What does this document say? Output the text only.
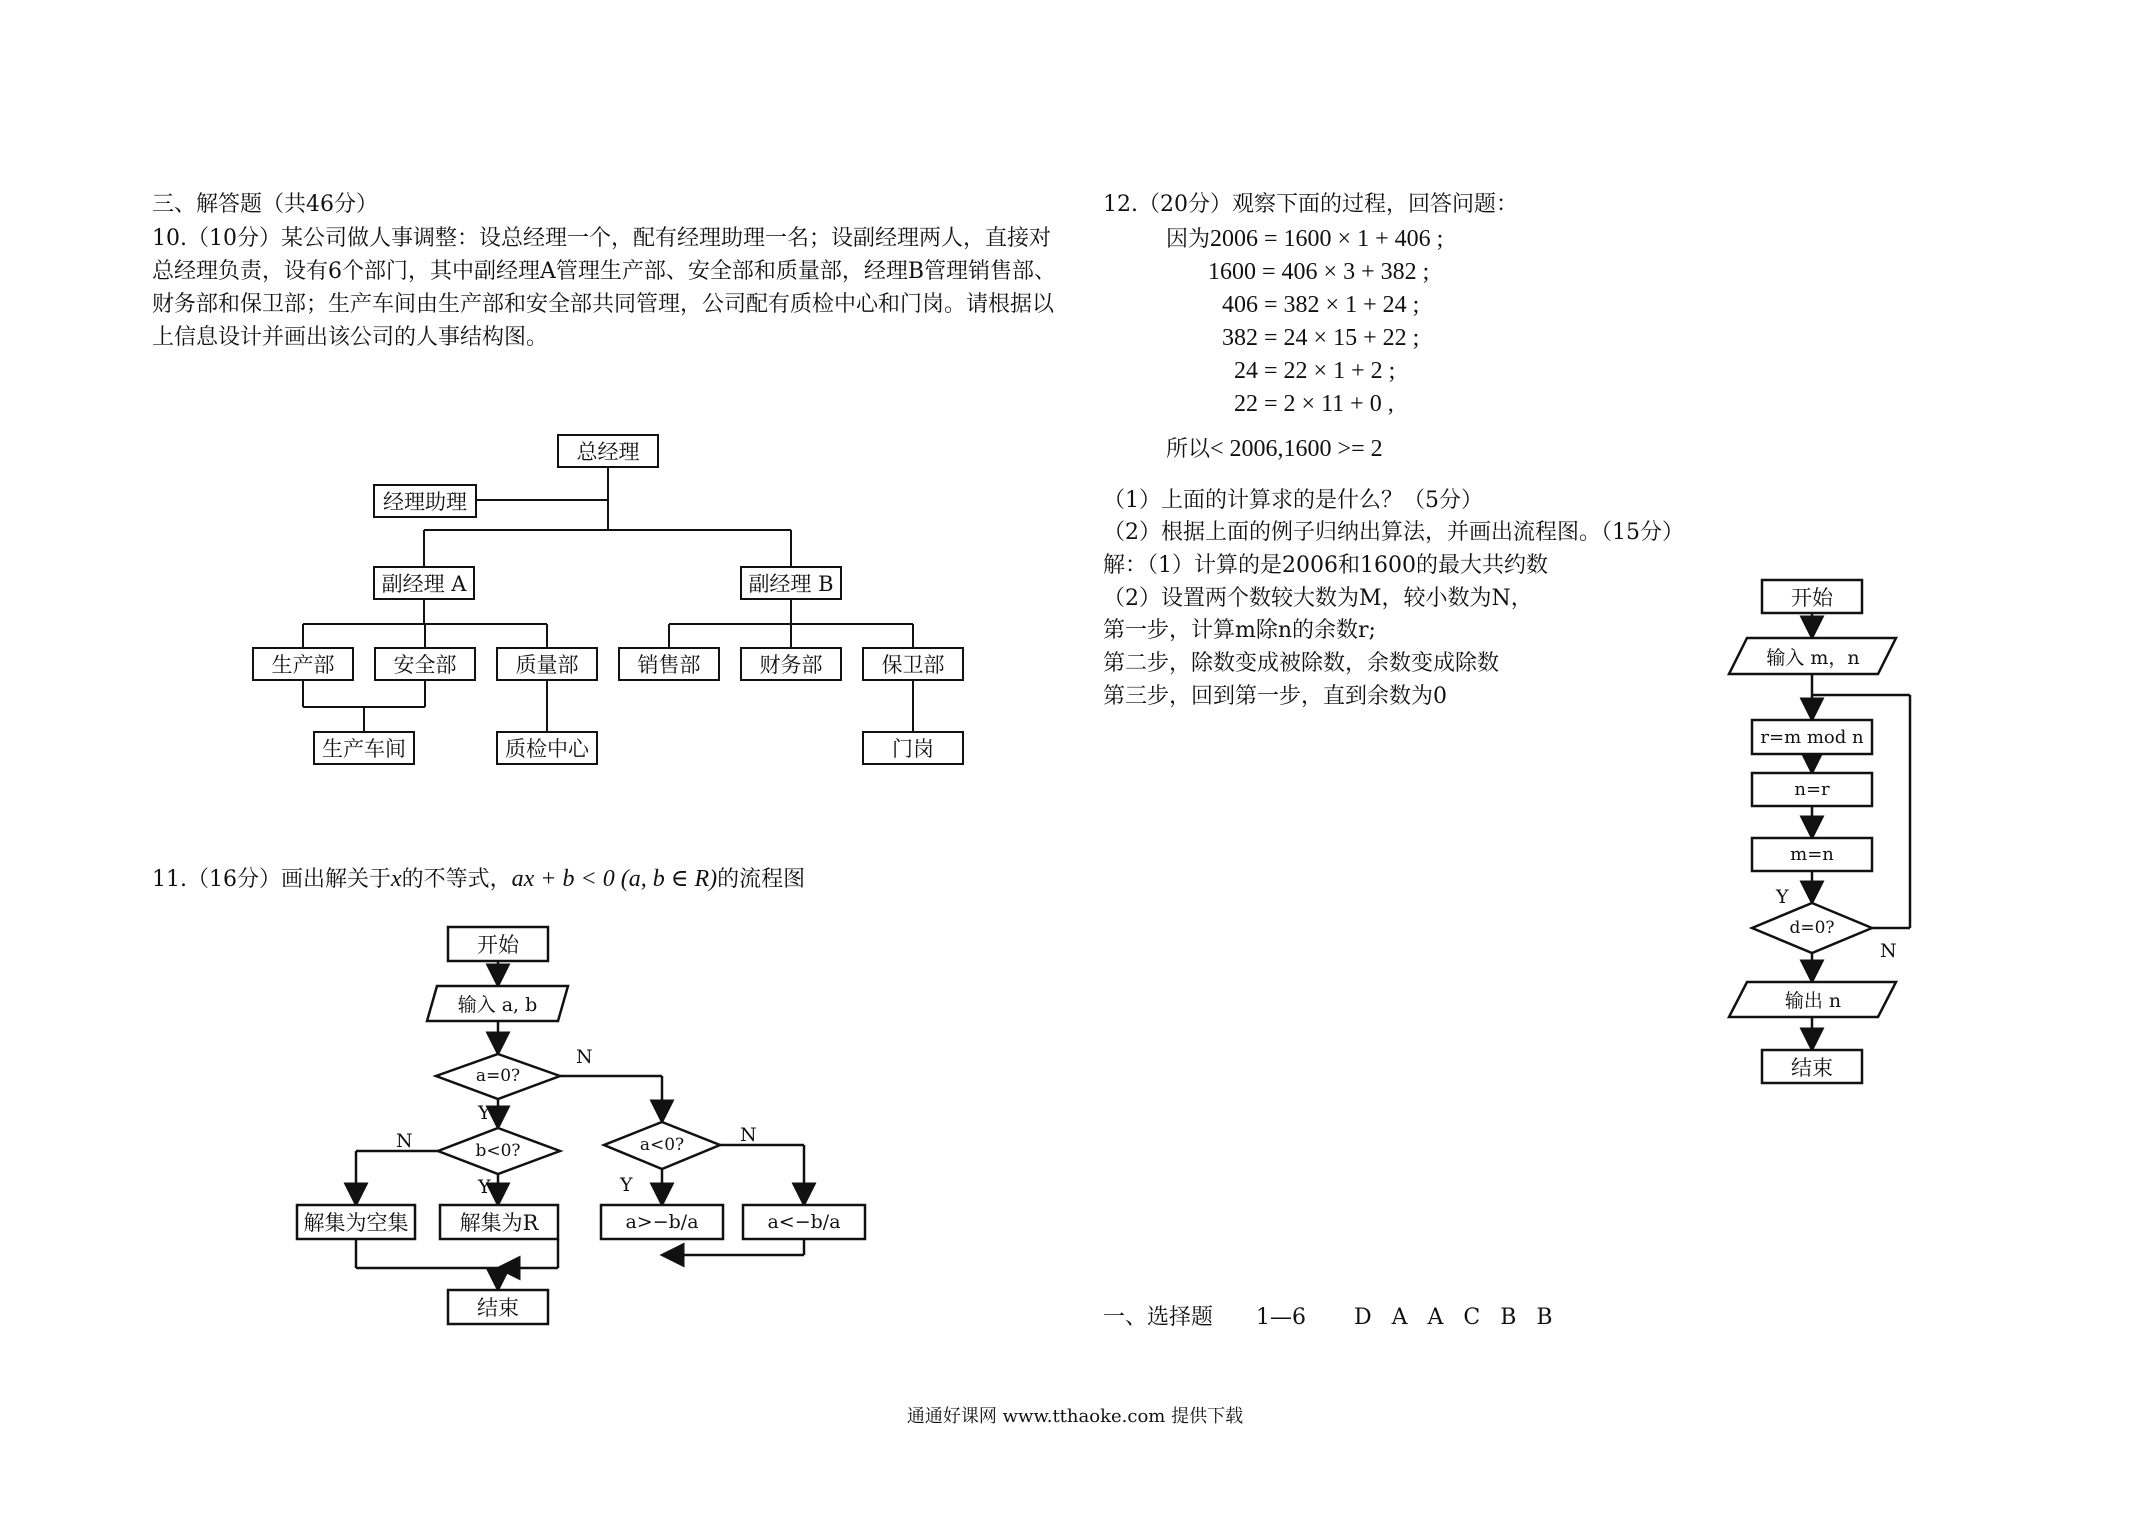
三、解答题（共46分）
10.（10分）某公司做人事调整：设总经理一个，配有经理助理一名；设副经理两人，直接对总经理负责，设有6个部门，其中副经理A管理生产部、安全部和质量部，经理B管理销售部、财务部和保卫部；生产车间由生产部和安全部共同管理，公司配有质检中心和门岗。请根据以上信息设计并画出该公司的人事结构图。
总经理
经理助理
副经理 A	副经理 B
生产部	安全部	质量部	销售部	财务部	保卫部
生产车间	质检中心	门岗
11.（16分）画出解关于x的不等式，ax + b < 0 (a, b ∈ R)的流程图
开始
输入 a, b
a=0?
b<0?	a<0?
解集为空集	解集为R	a>−b/a	a<−b/a
结束
N
Y
N
Y
N
Y
12.（20分）观察下面的过程，回答问题：
因为2006 = 1600 × 1 + 406 ;
1600 = 406 × 3 + 382 ;
406 = 382 × 1 + 24 ;
382 = 24 × 15 + 22 ;
24 = 22 × 1 + 2 ;
22 = 2 × 11 + 0 ,
所以< 2006,1600 >= 2
（1）上面的计算求的是什么？（5分）
（2）根据上面的例子归纳出算法，并画出流程图。（15分）
解：（1）计算的是2006和1600的最大共约数
（2）设置两个数较大数为M，较小数为N，
第一步，计算m除n的余数r;
第二步，除数变成被除数，余数变成除数
第三步，回到第一步，直到余数为0
开始
输入 m，n
r=m mod n
n=r
m=n
d=0?
输出 n
结束
Y
N
一、选择题 1—6 D  A  A  C  B  B
通通好课网 www.tthaoke.com 提供下载
